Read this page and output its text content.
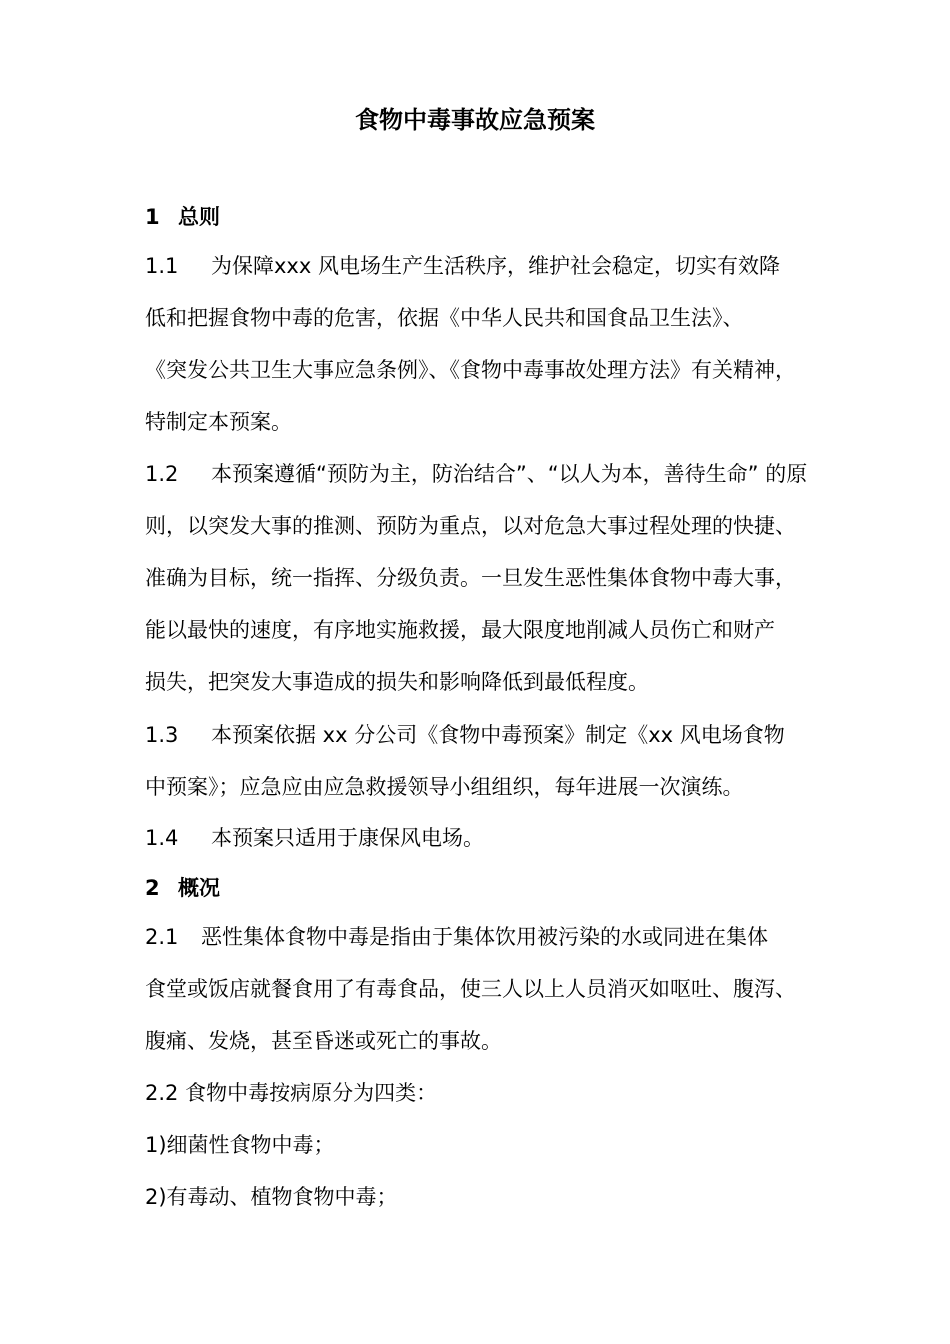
食物中毒事故应急预案
1 总则
1.1 为保障xxx 风电场生产生活秩序，维护社会稳定，切实有效降
低和把握食物中毒的危害，依据《中华人民共和国食品卫生法》、
《突发公共卫生大事应急条例》、《食物中毒事故处理方法》有关精神，
特制定本预案。
1.2 本预案遵循“预防为主，防治结合”、“以人为本，善待生命” 的原
则，以突发大事的推测、预防为重点，以对危急大事过程处理的快捷、
准确为目标，统一指挥、分级负责。一旦发生恶性集体食物中毒大事，
能以最快的速度，有序地实施救援，最大限度地削减人员伤亡和财产
损失，把突发大事造成的损失和影响降低到最低程度。
1.3 本预案依据 xx 分公司《食物中毒预案》制定《xx 风电场食物
中预案》；应急应由应急救援领导小组组织，每年进展一次演练。
1.4 本预案只适用于康保风电场。
2 概况
2.1 恶性集体食物中毒是指由于集体饮用被污染的水或同进在集体
食堂或饭店就餐食用了有毒食品，使三人以上人员消灭如呕吐、腹泻、
腹痛、发烧，甚至昏迷或死亡的事故。
2.2 食物中毒按病原分为四类：
1)细菌性食物中毒；
2)有毒动、植物食物中毒；
